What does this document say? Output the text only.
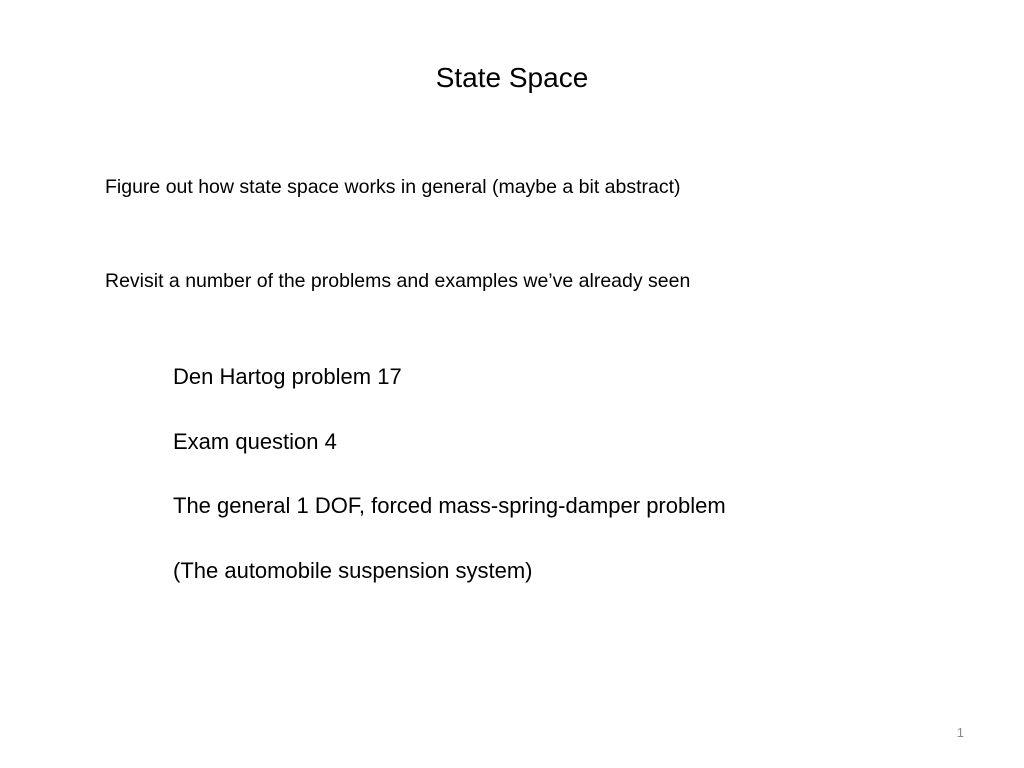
State Space
Figure out how state space works in general (maybe a bit abstract)
Revisit a number of the problems and examples we’ve already seen
Den Hartog problem 17
Exam question 4
The general 1 DOF, forced mass-spring-damper problem
(The automobile suspension system)
1
